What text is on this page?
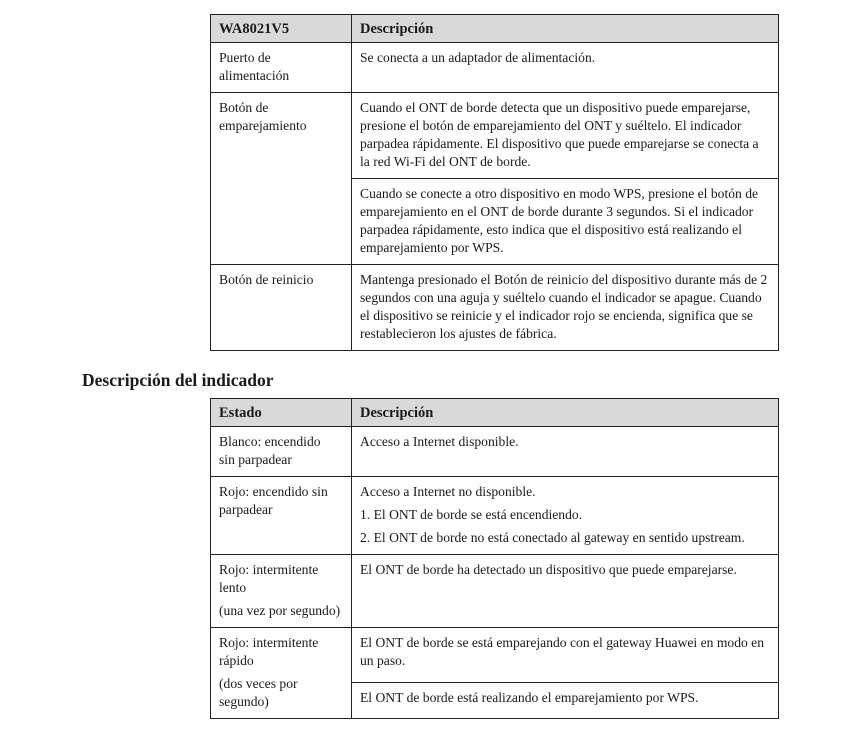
WA8021V5	Descripción
Puerto de alimentación	Se conecta a un adaptador de alimentación.
Botón de emparejamiento	Cuando el ONT de borde detecta que un dispositivo puede emparejarse, presione el botón de emparejamiento del ONT y suéltelo. El indicador parpadea rápidamente. El dispositivo que puede emparejarse se conecta a la red Wi-Fi del ONT de borde.
	Cuando se conecte a otro dispositivo en modo WPS, presione el botón de emparejamiento en el ONT de borde durante 3 segundos. Si el indicador parpadea rápidamente, esto indica que el dispositivo está realizando el emparejamiento por WPS.
Botón de reinicio	Mantenga presionado el Botón de reinicio del dispositivo durante más de 2 segundos con una aguja y suéltelo cuando el indicador se apague. Cuando el dispositivo se reinicie y el indicador rojo se encienda, significa que se restablecieron los ajustes de fábrica.
Descripción del indicador
Estado	Descripción

Blanco: encendido sin parpadear	Acceso a Internet disponible.

Rojo: encendido sin parpadear	Acceso a Internet no disponible.

1. El ONT de borde se está encendiendo.

2. El ONT de borde no está conectado al gateway en sentido upstream.

Rojo: intermitente lento

(una vez por segundo)	El ONT de borde ha detectado un dispositivo que puede emparejarse.

Rojo: intermitente rápido

(dos veces por segundo)	El ONT de borde se está emparejando con el gateway Huawei en modo en un paso.

	El ONT de borde está realizando el emparejamiento por WPS.
